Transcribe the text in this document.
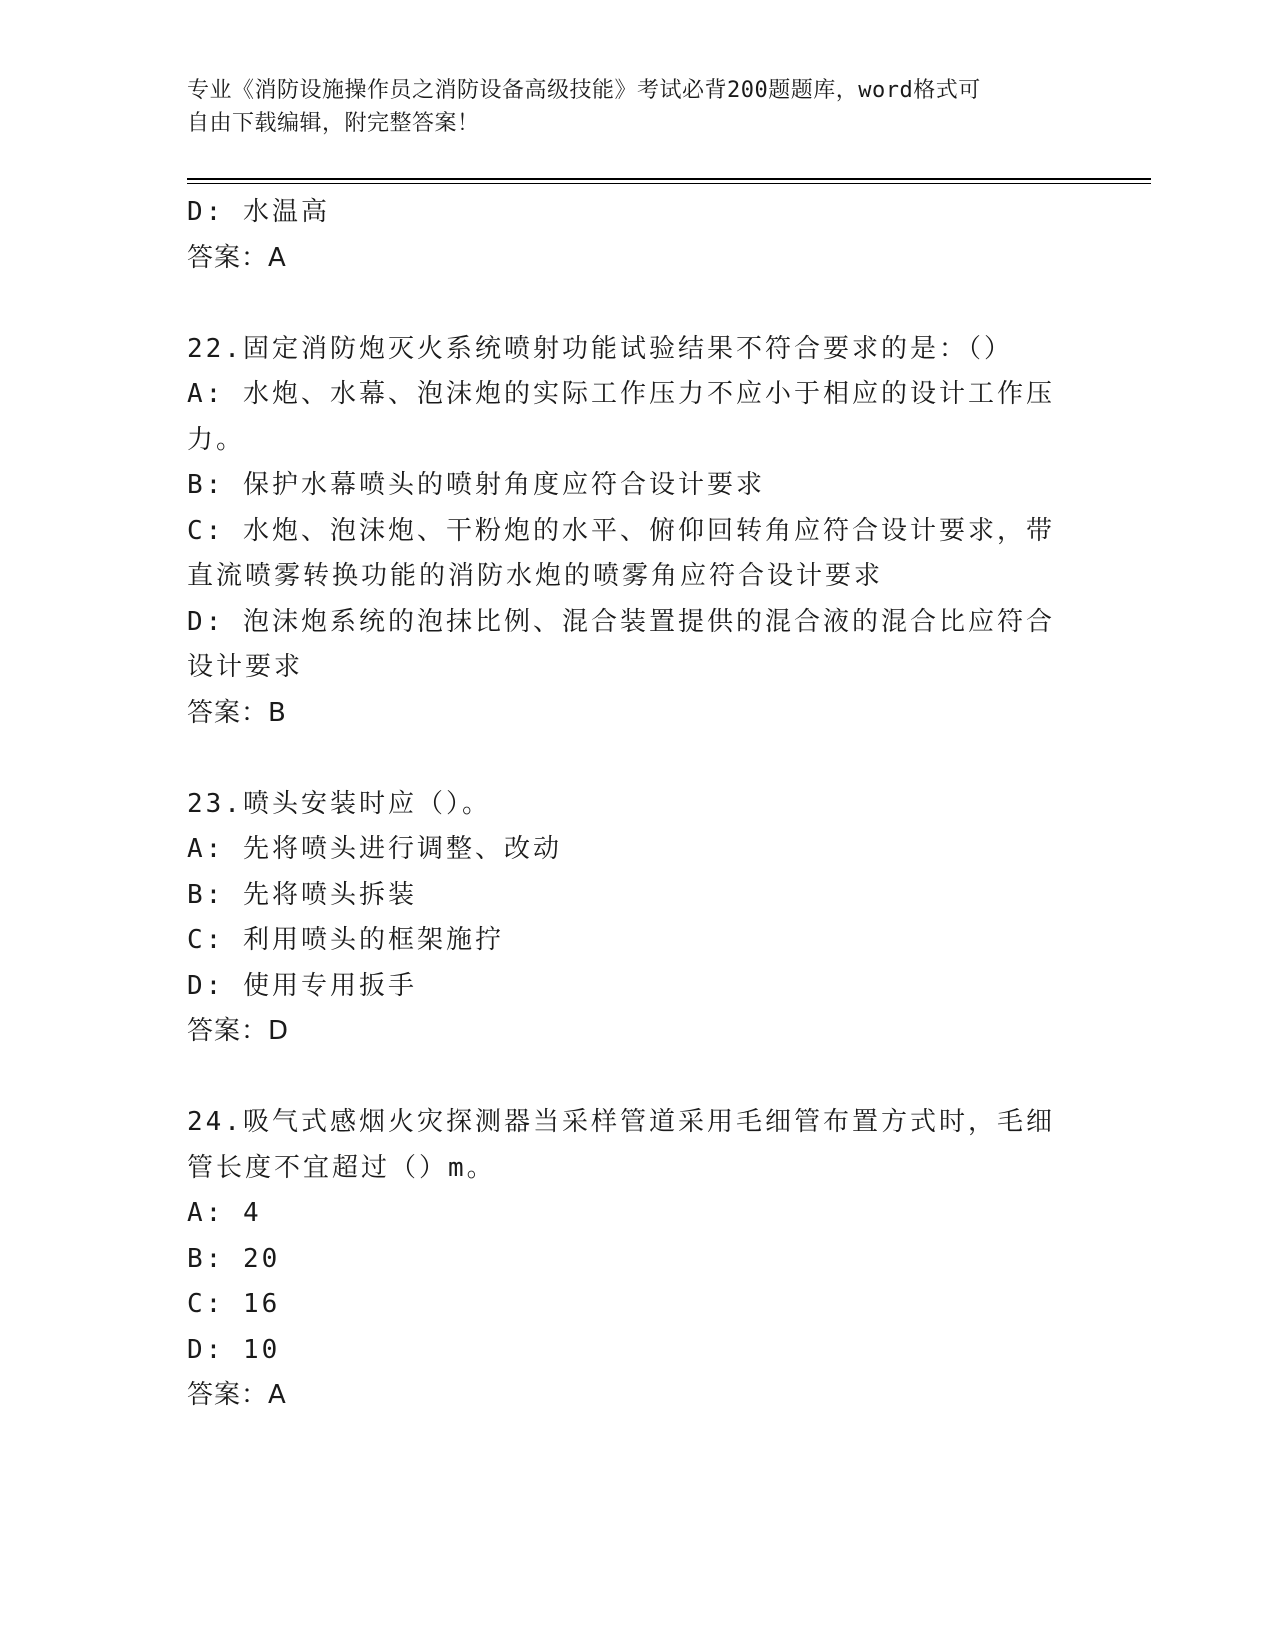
专业《消防设施操作员之消防设备高级技能》考试必背200题题库，word格式可
自由下载编辑，附完整答案！

D: 水温高

答案：A

22.固定消防炮灭火系统喷射功能试验结果不符合要求的是：（）

A: 水炮、水幕、泡沫炮的实际工作压力不应小于相应的设计工作压力。

B: 保护水幕喷头的喷射角度应符合设计要求

C: 水炮、泡沫炮、干粉炮的水平、俯仰回转角应符合设计要求，带直流喷雾转换功能的消防水炮的喷雾角应符合设计要求

D: 泡沫炮系统的泡抹比例、混合装置提供的混合液的混合比应符合设计要求

答案：B

23.喷头安装时应（）。

A: 先将喷头进行调整、改动

B: 先将喷头拆装

C: 利用喷头的框架施拧

D: 使用专用扳手

答案：D

24.吸气式感烟火灾探测器当采样管道采用毛细管布置方式时，毛细管长度不宜超过（）m。

A: 4

B: 20

C: 16

D: 10

答案：A
